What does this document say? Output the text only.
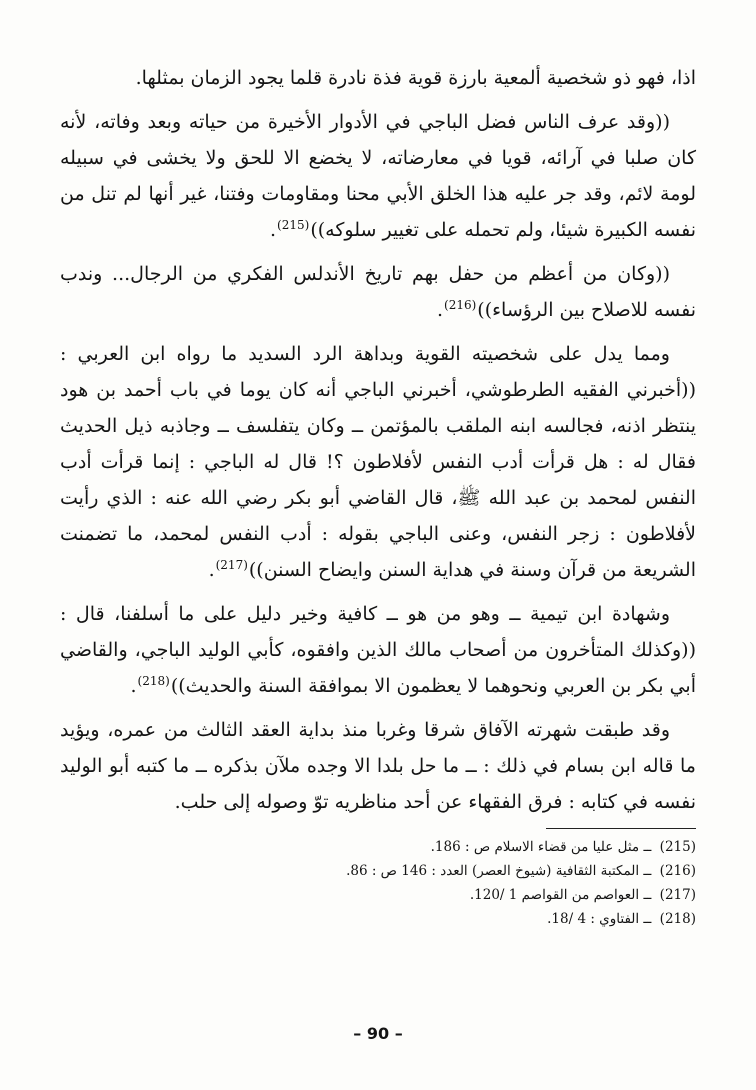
اذا، فهو ذو شخصية ألمعية بارزة قوية فذة نادرة قلما يجود الزمان بمثلها.

((وقد عرف الناس فضل الباجي في الأدوار الأخيرة من حياته وبعد وفاته، لأنه كان صلبا في آرائه، قويا في معارضاته، لا يخضع الا للحق ولا يخشى في سبيله لومة لائم، وقد جر عليه هذا الخلق الأبي محنا ومقاومات وفتنا، غير أنها لم تنل من نفسه الكبيرة شيئا، ولم تحمله على تغيير سلوكه))$^{(215)}$.

((وكان من أعظم من حفل بهم تاريخ الأندلس الفكري من الرجال... وندب نفسه للاصلاح بين الرؤساء))$^{(216)}$.

ومما يدل على شخصيته القوية وبداهة الرد السديد ما رواه ابن العربي : ((أخبرني الفقيه الطرطوشي، أخبرني الباجي أنه كان يوما في باب أحمد بن هود ينتظر اذنه، فجالسه ابنه الملقب بالمؤتمن ــ وكان يتفلسف ــ وجاذبه ذيل الحديث فقال له : هل قرأت أدب النفس لأفلاطون ؟! قال له الباجي : إنما قرأت أدب النفس لمحمد بن عبد الله ﷺ، قال القاضي أبو بكر رضي الله عنه : الذي رأيت لأفلاطون : زجر النفس، وعنى الباجي بقوله : أدب النفس لمحمد، ما تضمنت الشريعة من قرآن وسنة في هداية السنن وايضاح السنن))$^{(217)}$.

وشهادة ابن تيمية ــ وهو من هو ــ كافية وخير دليل على ما أسلفنا، قال : ((وكذلك المتأخرون من أصحاب مالك الذين وافقوه، كأبي الوليد الباجي، والقاضي أبي بكر بن العربي ونحوهما لا يعظمون الا بموافقة السنة والحديث))$^{(218)}$.

وقد طبقت شهرته الآفاق شرقا وغربا منذ بداية العقد الثالث من عمره، ويؤيد ما قاله ابن بسام في ذلك : ــ ما حل بلدا الا وجده ملآن بذكره ــ ما كتبه أبو الوليد نفسه في كتابه : فرق الفقهاء عن أحد مناظريه توّ وصوله إلى حلب.

(215) ــ مثل عليا من قضاء الاسلام ص : 186.
(216) ــ المكتبة الثقافية (شيوخ العصر) العدد : 146 ص : 86.
(217) ــ العواصم من القواصم 1 /120.
(218) ــ الفتاوي : 4 /18.
– 90 –
